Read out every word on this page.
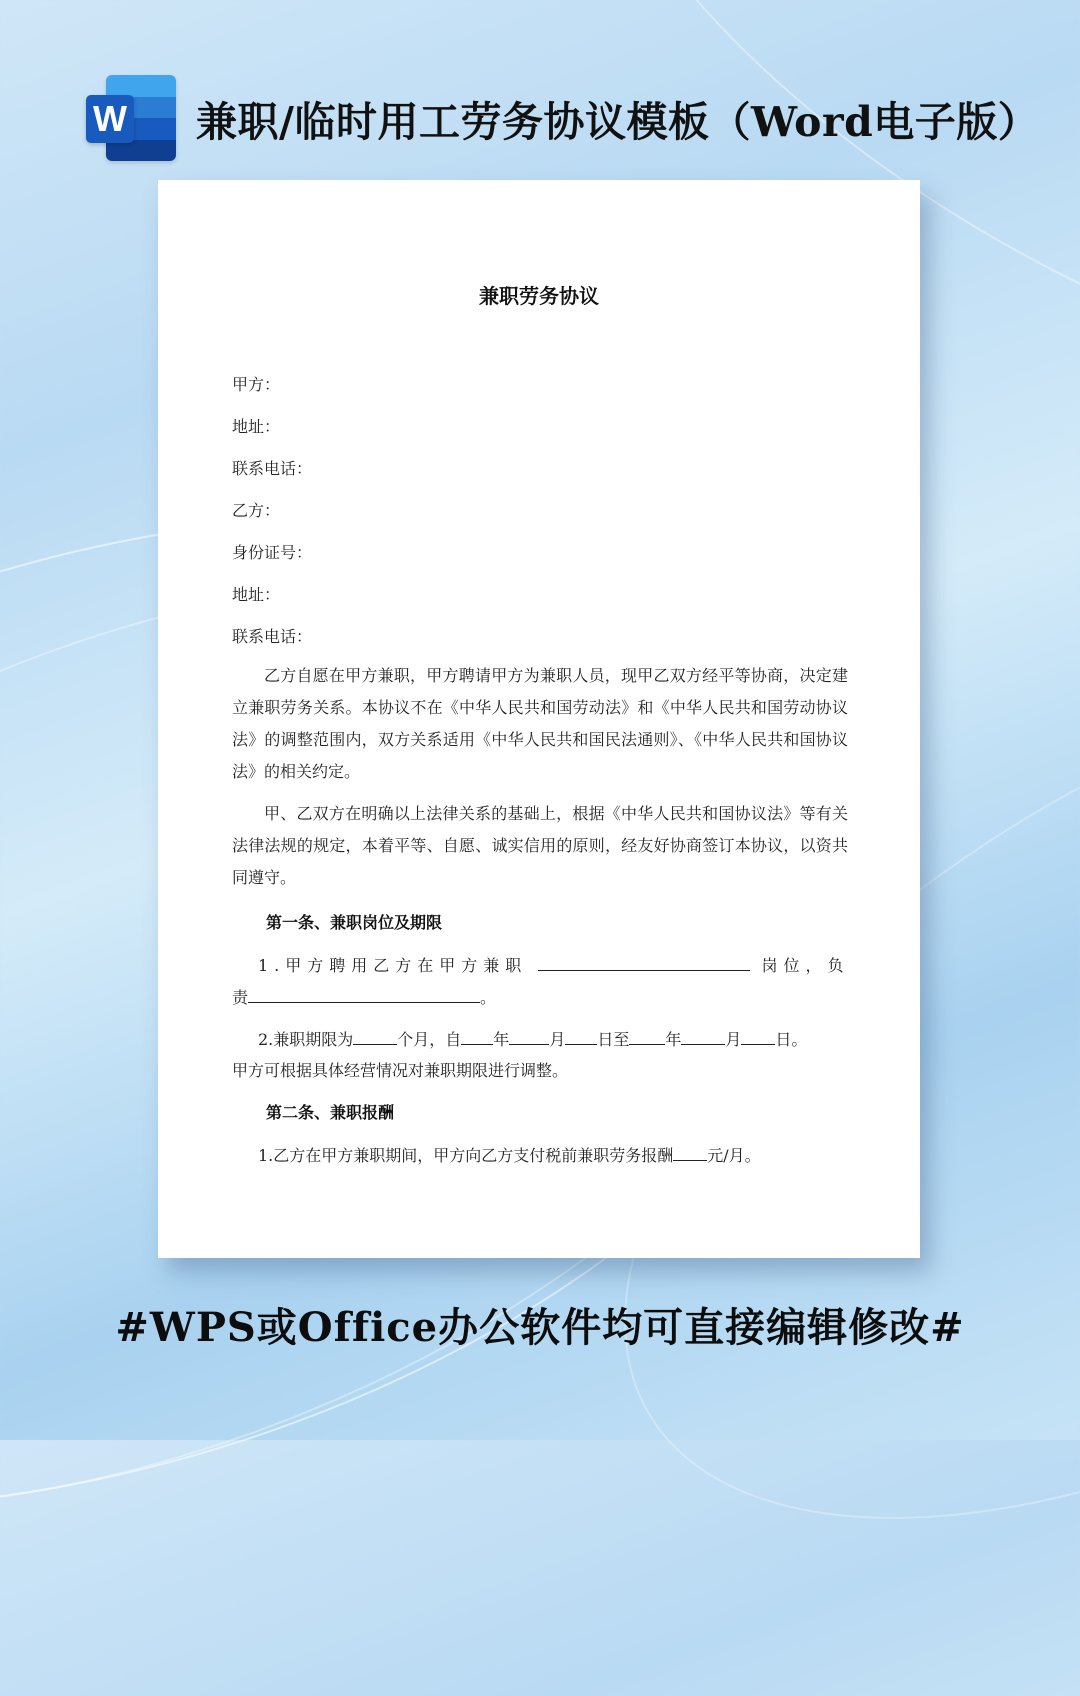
W 兼职/临时用工劳务协议模板（Word电子版）
兼职劳务协议
甲方：
地址：
联系电话：
乙方：
身份证号：
地址：
联系电话：
乙方自愿在甲方兼职，甲方聘请甲方为兼职人员，现甲乙双方经平等协商，决定建立兼职劳务关系。本协议不在《中华人民共和国劳动法》和《中华人民共和国劳动协议法》的调整范围内，双方关系适用《中华人民共和国民法通则》、《中华人民共和国协议法》的相关约定。
甲、乙双方在明确以上法律关系的基础上，根据《中华人民共和国协议法》等有关法律法规的规定，本着平等、自愿、诚实信用的原则，经友好协商签订本协议，以资共同遵守。
第一条、兼职岗位及期限
1.甲方聘用乙方在甲方兼职	岗位，负
责	。
2.兼职期限为	个月，自 年	月 日至 年	月 日。
甲方可根据具体经营情况对兼职期限进行调整。
第二条、兼职报酬
1.乙方在甲方兼职期间，甲方向乙方支付税前兼职劳务报酬 元/月。
#WPS或Office办公软件均可直接编辑修改#
